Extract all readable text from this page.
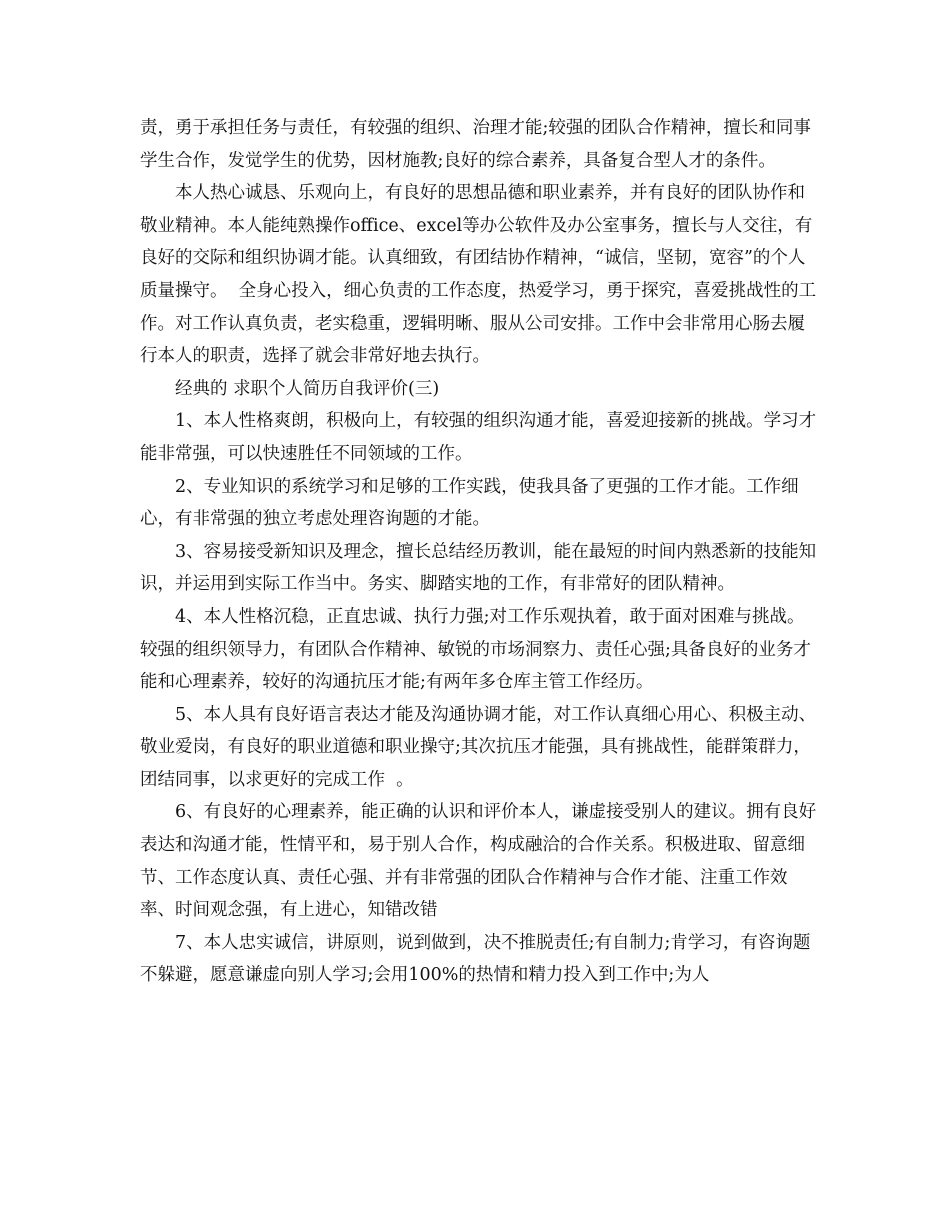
责，勇于承担任务与责任，有较强的组织、治理才能;较强的团队合作精神，擅长和同事学生合作，发觉学生的优势，因材施教;良好的综合素养，具备复合型人才的条件。

本人热心诚恳、乐观向上，有良好的思想品德和职业素养，并有良好的团队协作和敬业精神。本人能纯熟操作office、excel等办公软件及办公室事务，擅长与人交往，有良好的交际和组织协调才能。认真细致，有团结协作精神，“诚信，坚韧，宽容”的个人质量操守。  全身心投入，细心负责的工作态度，热爱学习，勇于探究，喜爱挑战性的工作。对工作认真负责，老实稳重，逻辑明晰、服从公司安排。工作中会非常用心肠去履行本人的职责，选择了就会非常好地去执行。

经典的 求职个人简历自我评价(三)

1、本人性格爽朗，积极向上，有较强的组织沟通才能，喜爱迎接新的挑战。学习才能非常强，可以快速胜任不同领域的工作。

2、专业知识的系统学习和足够的工作实践，使我具备了更强的工作才能。工作细心，有非常强的独立考虑处理咨询题的才能。

3、容易接受新知识及理念，擅长总结经历教训，能在最短的时间内熟悉新的技能知识，并运用到实际工作当中。务实、脚踏实地的工作，有非常好的团队精神。

4、本人性格沉稳，正直忠诚、执行力强;对工作乐观执着，敢于面对困难与挑战。较强的组织领导力，有团队合作精神、敏锐的市场洞察力、责任心强;具备良好的业务才能和心理素养，较好的沟通抗压才能;有两年多仓库主管工作经历。

5、本人具有良好语言表达才能及沟通协调才能，对工作认真细心用心、积极主动、敬业爱岗，有良好的职业道德和职业操守;其次抗压才能强，具有挑战性，能群策群力，团结同事，以求更好的完成工作  。

6、有良好的心理素养，能正确的认识和评价本人，谦虚接受别人的建议。拥有良好表达和沟通才能，性情平和，易于别人合作，构成融洽的合作关系。积极进取、留意细节、工作态度认真、责任心强、并有非常强的团队合作精神与合作才能、注重工作效率、时间观念强，有上进心，知错改错

7、本人忠实诚信，讲原则，说到做到，决不推脱责任;有自制力;肯学习，有咨询题不躲避，愿意谦虚向别人学习;会用100%的热情和精力投入到工作中;为人
